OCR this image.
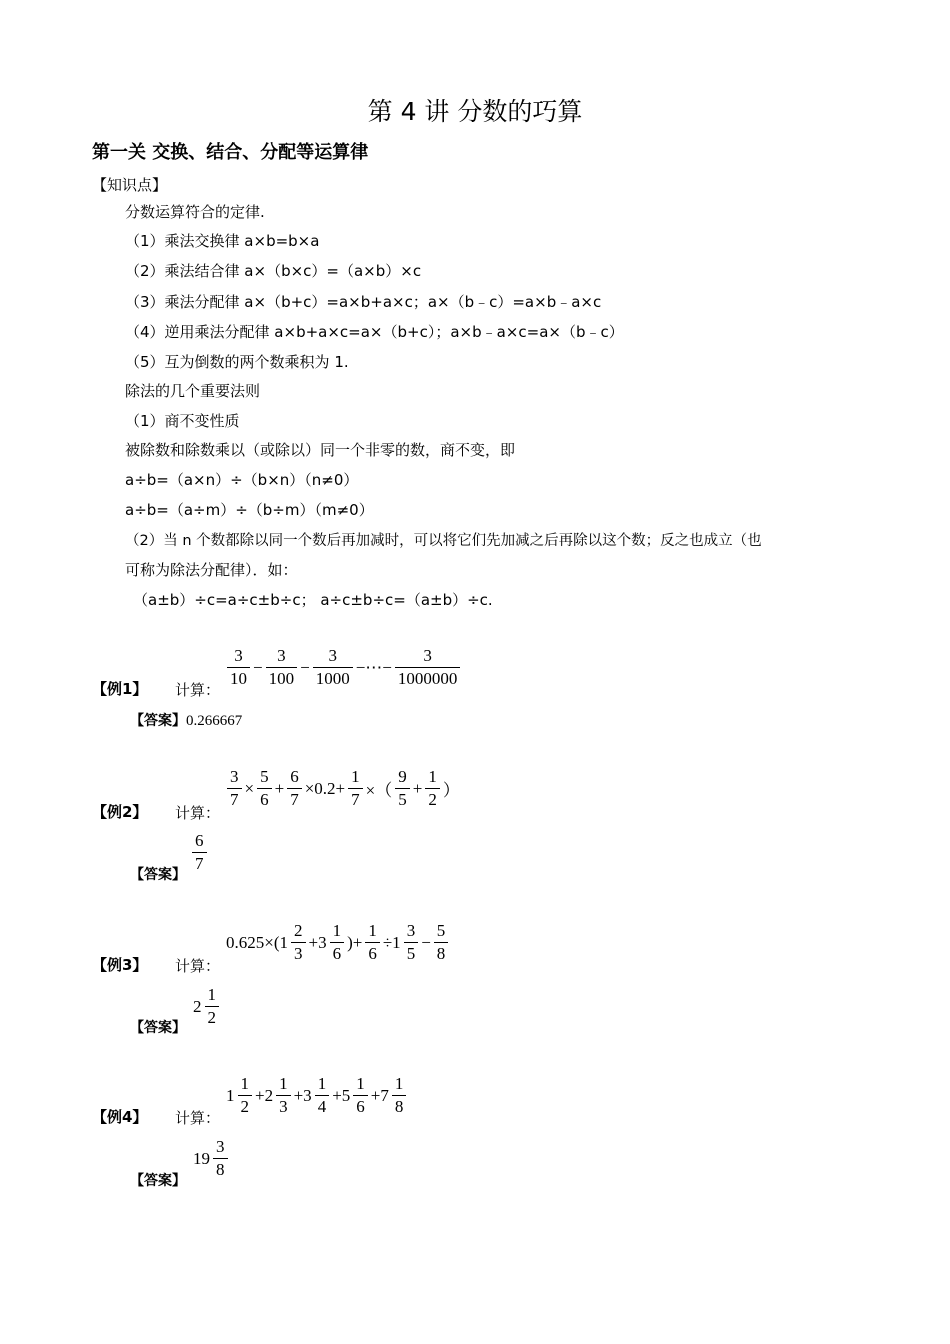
第 4 讲 分数的巧算
第一关 交换、结合、分配等运算律
【知识点】
分数运算符合的定律.
（1）乘法交换律 a×b=b×a
（2）乘法结合律 a×（b×c）=（a×b）×c
（3）乘法分配律 a×（b+c）=a×b+a×c；a×（b﹣c）=a×b﹣a×c
（4）逆用乘法分配律 a×b+a×c=a×（b+c）；a×b﹣a×c=a×（b﹣c）
（5）互为倒数的两个数乘积为 1.
除法的几个重要法则
（1）商不变性质
被除数和除数乘以（或除以）同一个非零的数，商不变，即
a÷b=（a×n）÷（b×n）（n≠0）
a÷b=（a÷m）÷（b÷m）（m≠0）
（2）当 n 个数都除以同一个数后再加减时，可以将它们先加减之后再除以这个数；反之也成立（也
可称为除法分配律）．如：
（a±b）÷c=a÷c±b÷c； a÷c±b÷c=（a±b）÷c.
【例1】 计算： $\frac{3}{10} - \frac{3}{100} - \frac{3}{1000}$ −⋯− $\frac{3}{1000000}$
【答案】0.266667
【例2】 计算：
$\frac{3}{7} \times \frac{5}{6} + \frac{6}{7} \times 0.2+ \frac{1}{7}$ ×（ $\frac{9}{5} + \frac{1}{2}$ ）
【答案】 $\frac{6}{7}$
【例3】 计算：
$0.625\times(1 \frac{2}{3} +3 \frac{1}{6}$ )+ $\frac{1}{6} \div 1 \frac{3}{5} - \frac{5}{8}$
【答案】
$2 \frac{1}{2}$
【例4】 计算：
$1 \frac{1}{2} +2 \frac{1}{3} +3 \frac{1}{4} +5 \frac{1}{6} +7 \frac{1}{8}$
【答案】
$19 \frac{3}{8}$
